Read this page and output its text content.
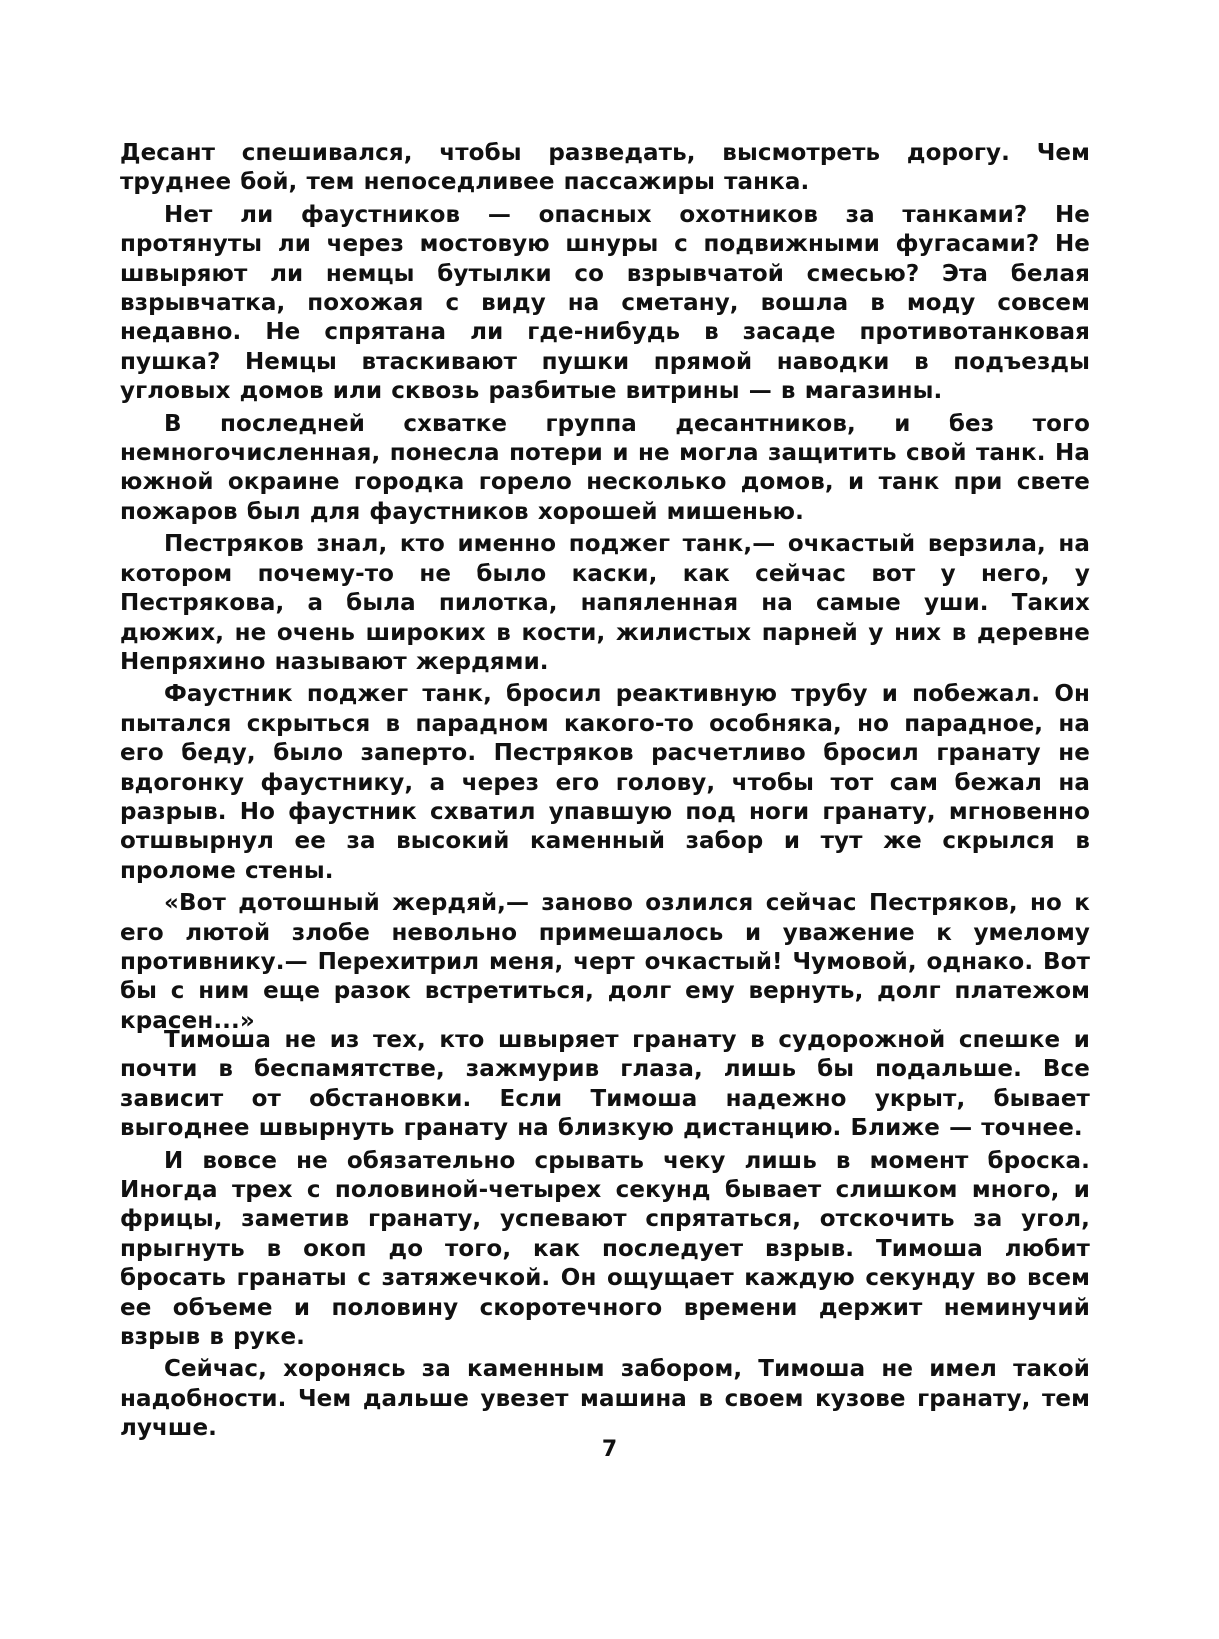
Десант спешивался, чтобы разведать, высмотреть дорогу. Чем труднее бой, тем непоседливее пассажиры танка.

Нет ли фаустников — опасных охотников за танками? Не протянуты ли через мостовую шнуры с подвижными фугасами? Не швыряют ли немцы бутылки со взрывчатой смесью? Эта белая взрывчатка, похожая с виду на сметану, вошла в моду совсем недавно. Не спрятана ли где-нибудь в засаде противотанковая пушка? Немцы втаскивают пушки прямой наводки в подъезды угловых домов или сквозь разбитые витрины — в магазины.

В последней схватке группа десантников, и без того немногочисленная, понесла потери и не могла защитить свой танк. На южной окраине городка горело несколько домов, и танк при свете пожаров был для фаустников хорошей мишенью.

Пестряков знал, кто именно поджег танк,— очкастый верзила, на котором почему-то не было каски, как сейчас вот у него, у Пестрякова, а была пилотка, напяленная на самые уши. Таких дюжих, не очень широких в кости, жилистых парней у них в деревне Непряхино называют жердями.

Фаустник поджег танк, бросил реактивную трубу и побежал. Он пытался скрыться в парадном какого-то особняка, но парадное, на его беду, было заперто. Пестряков расчетливо бросил гранату не вдогонку фаустнику, а через его голову, чтобы тот сам бежал на разрыв. Но фаустник схватил упавшую под ноги гранату, мгновенно отшвырнул ее за высокий каменный забор и тут же скрылся в проломе стены.

«Вот дотошный жердяй,— заново озлился сейчас Пестряков, но к его лютой злобе невольно примешалось и уважение к умелому противнику.— Перехитрил меня, черт очкастый! Чумовой, однако. Вот бы с ним еще разок встретиться, долг ему вернуть, долг платежом красен...»

Тимоша не из тех, кто швыряет гранату в судорожной спешке и почти в беспамятстве, зажмурив глаза, лишь бы подальше. Все зависит от обстановки. Если Тимоша надежно укрыт, бывает выгоднее швырнуть гранату на близкую дистанцию. Ближе — точнее.

И вовсе не обязательно срывать чеку лишь в момент броска. Иногда трех с половиной-четырех секунд бывает слишком много, и фрицы, заметив гранату, успевают спрятаться, отскочить за угол, прыгнуть в окоп до того, как последует взрыв. Тимоша любит бросать гранаты с затяжечкой. Он ощущает каждую секунду во всем ее объеме и половину скоротечного времени держит неминучий взрыв в руке.

Сейчас, хоронясь за каменным забором, Тимоша не имел такой надобности. Чем дальше увезет машина в своем кузове гранату, тем лучше.

7
